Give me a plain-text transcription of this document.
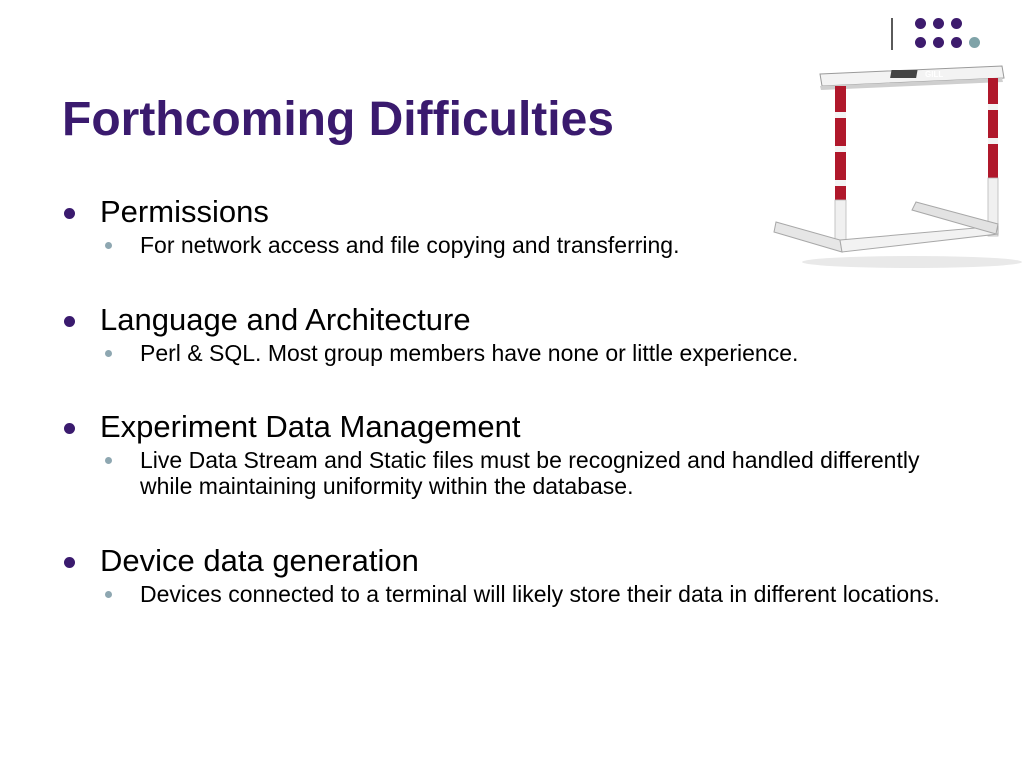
Forthcoming Difficulties
GILL
Permissions
For network access and file copying and transferring.
Language and Architecture
Perl & SQL. Most group members have none or little experience.
Experiment Data Management
Live Data Stream and Static files must be recognized and handled differently while maintaining uniformity within the database.
Device data generation
Devices connected to a terminal will likely store their data in different locations.
